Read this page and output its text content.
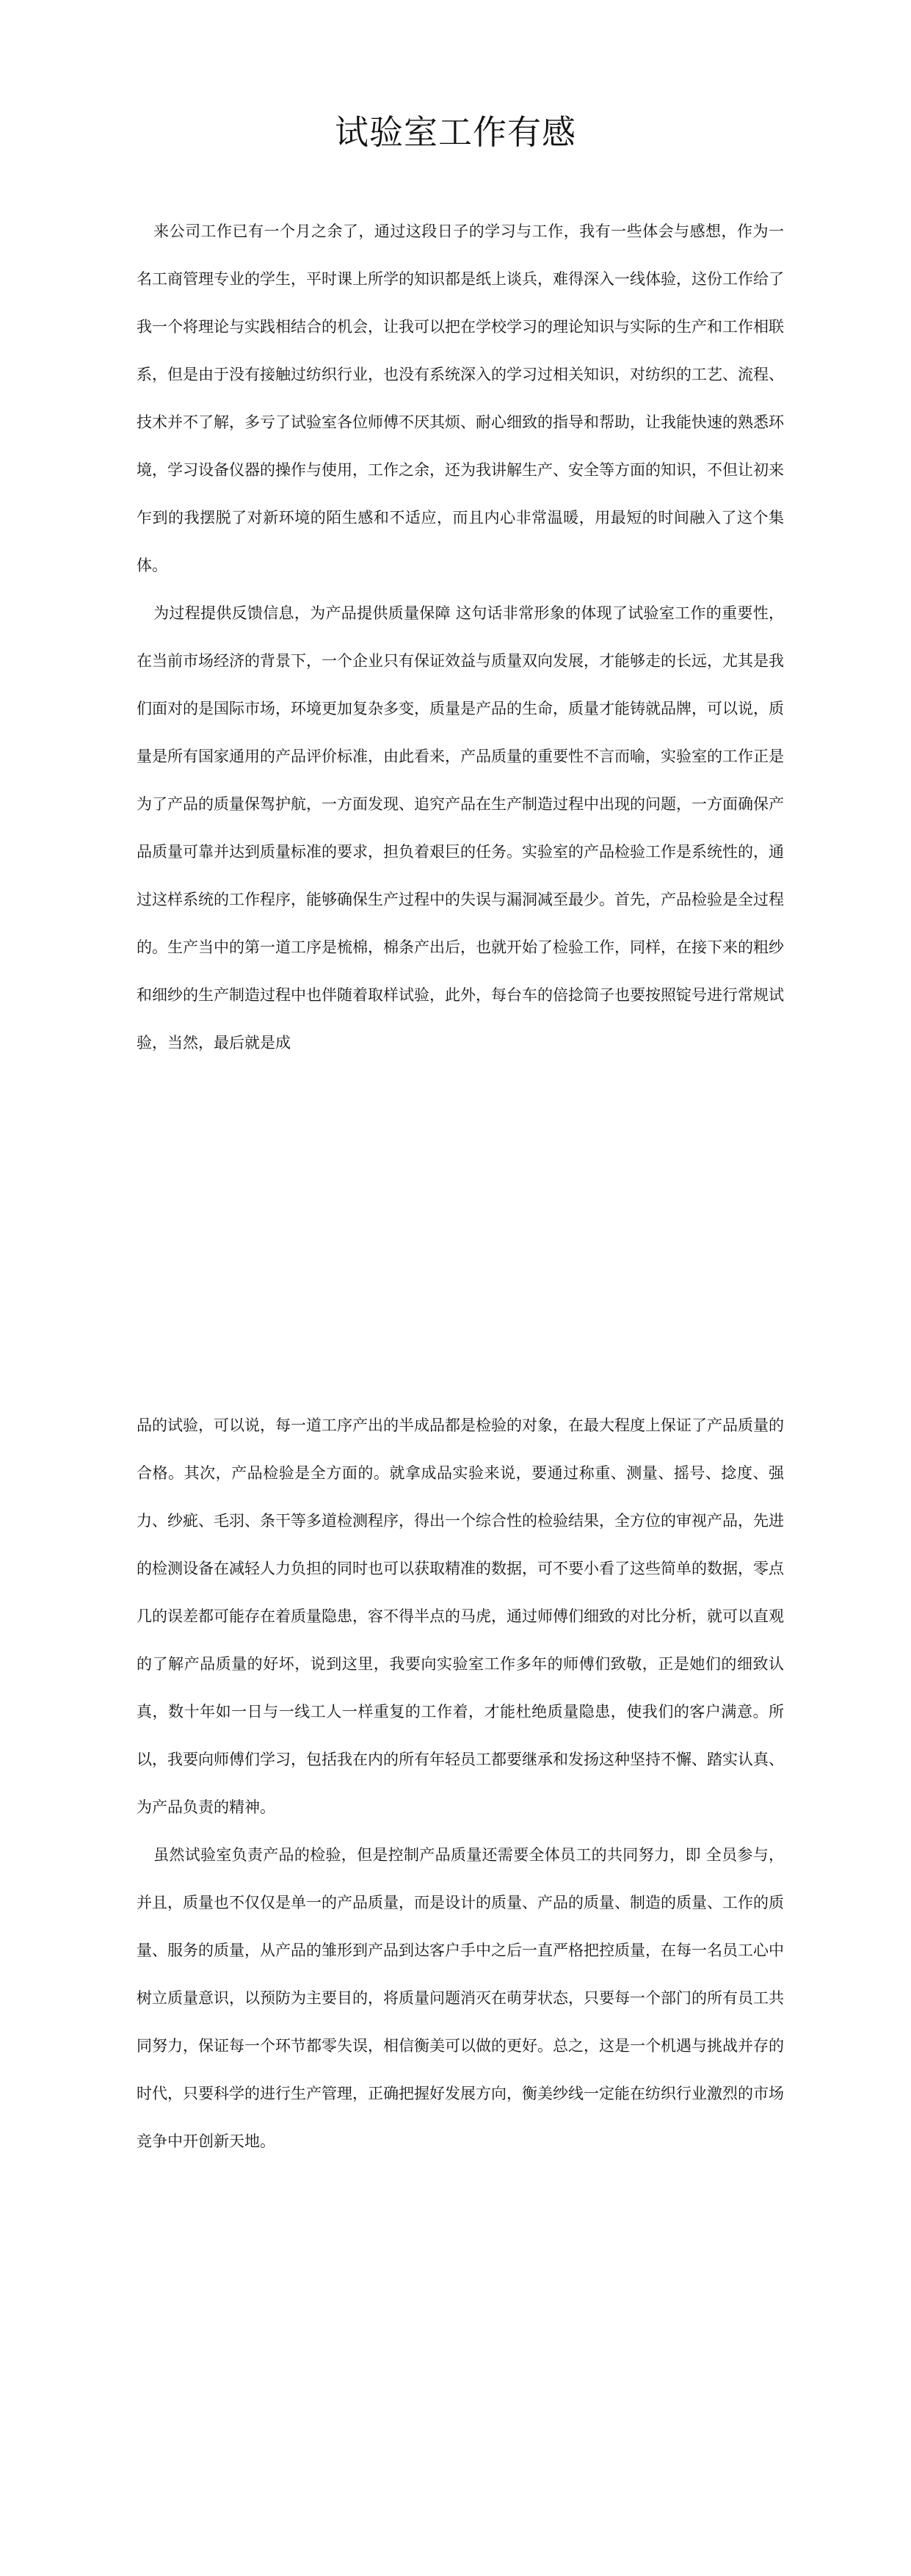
试验室工作有感

来公司工作已有一个月之余了，通过这段日子的学习与工作，我有一些体会与感想，作为一名工商管理专业的学生，平时课上所学的知识都是纸上谈兵，难得深入一线体验，这份工作给了我一个将理论与实践相结合的机会，让我可以把在学校学习的理论知识与实际的生产和工作相联系，但是由于没有接触过纺织行业，也没有系统深入的学习过相关知识，对纺织的工艺、流程、技术并不了解，多亏了试验室各位师傅不厌其烦、耐心细致的指导和帮助，让我能快速的熟悉环境，学习设备仪器的操作与使用，工作之余，还为我讲解生产、安全等方面的知识，不但让初来乍到的我摆脱了对新环境的陌生感和不适应，而且内心非常温暖，用最短的时间融入了这个集体。

为过程提供反馈信息，为产品提供质量保障 这句话非常形象的体现了试验室工作的重要性，在当前市场经济的背景下，一个企业只有保证效益与质量双向发展，才能够走的长远，尤其是我们面对的是国际市场，环境更加复杂多变，质量是产品的生命，质量才能铸就品牌，可以说，质量是所有国家通用的产品评价标准，由此看来，产品质量的重要性不言而喻，实验室的工作正是为了产品的质量保驾护航，一方面发现、追究产品在生产制造过程中出现的问题，一方面确保产品质量可靠并达到质量标准的要求，担负着艰巨的任务。实验室的产品检验工作是系统性的，通过这样系统的工作程序，能够确保生产过程中的失误与漏洞减至最少。首先，产品检验是全过程的。生产当中的第一道工序是梳棉，棉条产出后，也就开始了检验工作，同样，在接下来的粗纱和细纱的生产制造过程中也伴随着取样试验，此外，每台车的倍捻筒子也要按照锭号进行常规试验，当然，最后就是成

品的试验，可以说，每一道工序产出的半成品都是检验的对象，在最大程度上保证了产品质量的合格。其次，产品检验是全方面的。就拿成品实验来说，要通过称重、测量、摇号、捻度、强力、纱疵、毛羽、条干等多道检测程序，得出一个综合性的检验结果，全方位的审视产品，先进的检测设备在减轻人力负担的同时也可以获取精准的数据，可不要小看了这些简单的数据，零点几的误差都可能存在着质量隐患，容不得半点的马虎，通过师傅们细致的对比分析，就可以直观的了解产品质量的好坏，说到这里，我要向实验室工作多年的师傅们致敬，正是她们的细致认真，数十年如一日与一线工人一样重复的工作着，才能杜绝质量隐患，使我们的客户满意。所以，我要向师傅们学习，包括我在内的所有年轻员工都要继承和发扬这种坚持不懈、踏实认真、为产品负责的精神。

虽然试验室负责产品的检验，但是控制产品质量还需要全体员工的共同努力，即 全员参与，并且，质量也不仅仅是单一的产品质量，而是设计的质量、产品的质量、制造的质量、工作的质量、服务的质量，从产品的雏形到产品到达客户手中之后一直严格把控质量，在每一名员工心中树立质量意识，以预防为主要目的，将质量问题消灭在萌芽状态，只要每一个部门的所有员工共同努力，保证每一个环节都零失误，相信衡美可以做的更好。总之，这是一个机遇与挑战并存的时代，只要科学的进行生产管理，正确把握好发展方向，衡美纱线一定能在纺织行业激烈的市场竞争中开创新天地。
